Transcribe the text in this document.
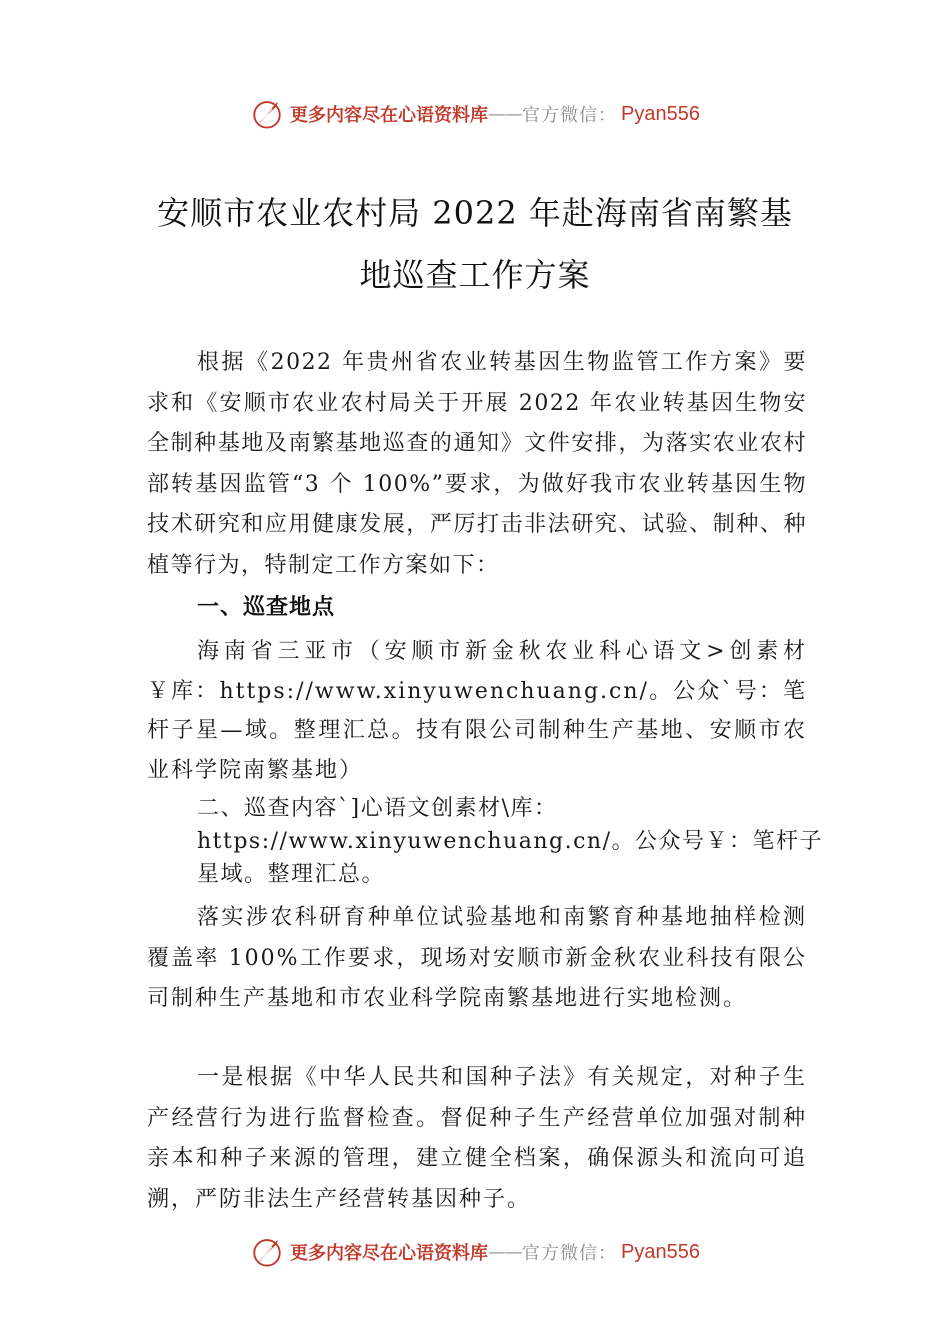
更多内容尽在心语资料库 —— 官方微信： Pyan556
安顺市农业农村局 2022 年赴海南省南繁基
地巡查工作方案
根据《2022 年贵州省农业转基因生物监管工作方案》要求和《安顺市农业农村局关于开展 2022 年农业转基因生物安全制种基地及南繁基地巡查的通知》文件安排，为落实农业农村部转基因监管“3 个 100%”要求，为做好我市农业转基因生物技术研究和应用健康发展，严厉打击非法研究、试验、制种、种植等行为，特制定工作方案如下：
一、巡查地点
海南省三亚市（安顺市新金秋农业科心语文>创素材￥库：https://www.xinyuwenchuang.cn/。公众`号：笔杆子星—域。整理汇总。技有限公司制种生产基地、安顺市农业科学院南繁基地）
二、巡查内容`]心语文创素材\库：https://www.xinyuwenchuang.cn/。公众号￥：笔杆子星域。整理汇总。
落实涉农科研育种单位试验基地和南繁育种基地抽样检测覆盖率 100%工作要求，现场对安顺市新金秋农业科技有限公司制种生产基地和市农业科学院南繁基地进行实地检测。
一是根据《中华人民共和国种子法》有关规定，对种子生产经营行为进行监督检查。督促种子生产经营单位加强对制种亲本和种子来源的管理，建立健全档案，确保源头和流向可追溯，严防非法生产经营转基因种子。
更多内容尽在心语资料库 —— 官方微信： Pyan556
